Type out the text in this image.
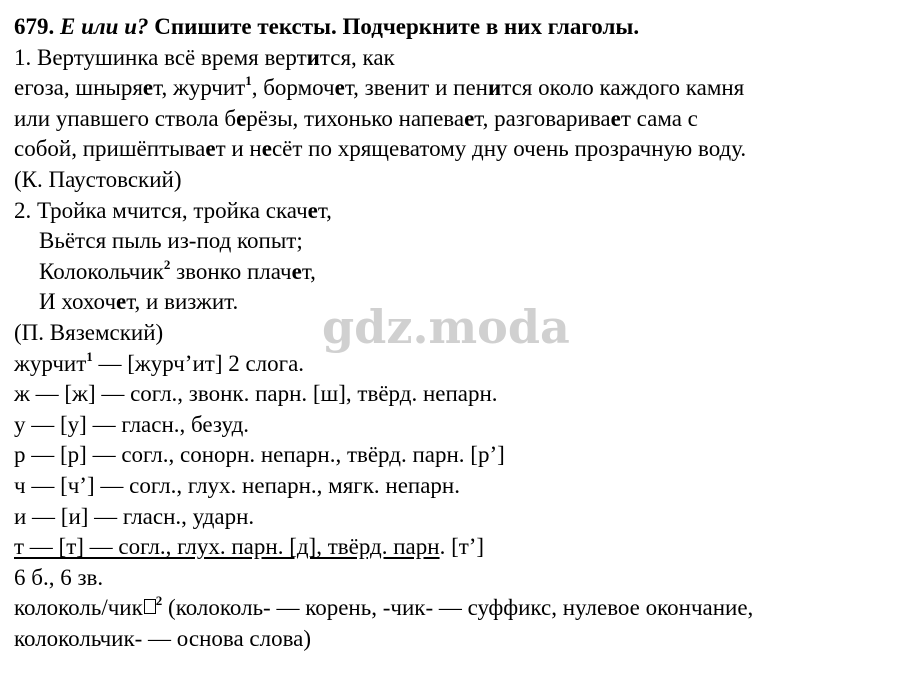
679. Е или и? Спишите тексты. Подчеркните в них глаголы.
1. Вертушинка всё время вертится, как
егоза, шныряет, журчит$^1$, бормочет, звенит и пенится около каждого камня
или упавшего ствола берёзы, тихонько напевает, разговаривает сама с
собой, пришёптывает и несёт по хрящеватому дну очень прозрачную воду.
(К. Паустовский)
2. Тройка мчится, тройка скачет,
Вьётся пыль из-под копыт;
Колокольчик$^2$ звонко плачет,
И хохочет, и визжит.
(П. Вяземский)
журчит$^1$ — [журч’ит] 2 слога.
ж — [ж] — согл., звонк. парн. [ш], твёрд. непарн.
у — [у] — гласн., безуд.
р — [р] — согл., сонорн. непарн., твёрд. парн. [р’]
ч — [ч’] — согл., глух. непарн., мягк. непарн.
и — [и] — гласн., ударн.
т — [т] — согл., глух. парн. [д], твёрд. парн. [т’]
6 б., 6 зв.
колоколь/чик $^2$ (колоколь- — корень, -чик- — суффикс, нулевое окончание,
колокольчик- — основа слова)
gdz.moda
